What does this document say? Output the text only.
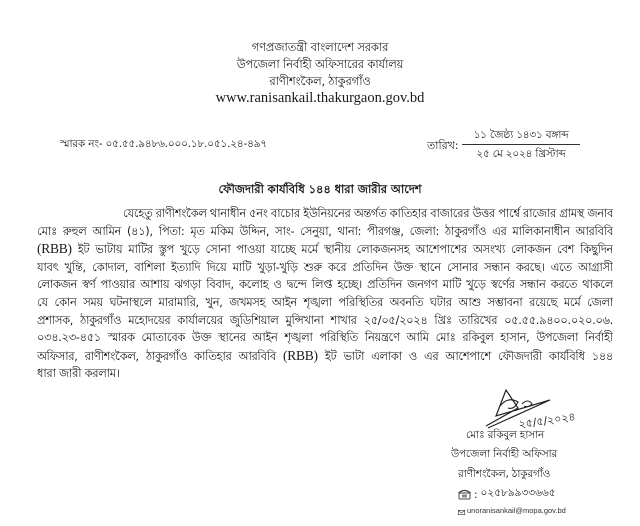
গণপ্রজাতন্ত্রী বাংলাদেশ সরকার
উপজেলা নির্বাহী অফিসারের কার্যালয়
রাণীশংকৈল, ঠাকুরগাঁও
www.ranisankail.thakurgaon.gov.bd
স্মারক নং- ০৫.৫৫.৯৪৮৬.০০০.১৮.০৫১.২৪-৪৯৭	তারিখ:
১১ জৈষ্ঠ্য ১৪৩১ বঙ্গাব্দ
২৫ মে ২০২৪ খ্রিস্টাব্দ
ফৌজদারী কার্যবিধি ১৪৪ ধারা জারীর আদেশ
যেহেতু রাণীশংকৈল থানাধীন ৫নং বাচোর ইউনিয়নের অন্তর্গত কাতিহার বাজারের উত্তর পার্শ্বে রাজোর গ্রামস্থ জনাব
মোঃ রুহুল আমিন (৪১), পিতা: মৃত মকিম উদ্দিন, সাং- সেনুয়া, থানা: পীরগঞ্জ, জেলা: ঠাকুরগাঁও এর মালিকানাধীন আরবিবি
(RBB) ইট ভাটায় মাটির স্তুপ খুড়ে সোনা পাওয়া যাচ্ছে মর্মে স্থানীয় লোকজনসহ আশেপাশের অসংখ্য লোকজন বেশ কিছুদিন
যাবৎ খুন্তি, কোদাল, বাশিলা ইত্যাদি দিয়ে মাটি খুড়া-খুড়ি শুরু করে প্রতিদিন উক্ত স্থানে সোনার সন্ধান করছে। এতে আগ্রাসী
লোকজন স্বর্ণ পাওয়ার আশায় ঝগড়া বিবাদ, কলোহ ও দ্বন্দে লিপ্ত হচ্ছে। প্রতিদিন জনগণ মাটি খুড়ে স্বর্ণের সন্ধান করতে থাকলে
যে কোন সময় ঘটনাস্থলে মারামারি, খুন, জখমসহ আইন শৃঙ্খলা পরিস্থিতির অবনতি ঘটার আশু সম্ভাবনা রয়েছে মর্মে জেলা
প্রশাসক, ঠাকুরগাঁও মহোদয়ের কার্যালয়ের জুডিশিয়াল মুন্সিখানা শাখার ২৫/০৫/২০২৪ খ্রিঃ তারিখের ০৫.৫৫.৯৪০০.০২০.০৬.
০৩৪.২৩-৪৫১ স্মারক মোতাবেক উক্ত স্থানের আইন শৃঙ্খলা পরিস্থিতি নিয়ন্ত্রণে আমি মোঃ রকিবুল হাসান, উপজেলা নির্বাহী
অফিসার, রাণীশংকৈল, ঠাকুরগাঁও কাতিহার আরবিবি (RBB) ইট ভাটা এলাকা ও এর আশেপাশে ফৌজদারী কার্যবিধি ১৪৪
ধারা জারী করলাম।
২৫/৫/২০২৪
মোঃ রকিবুল হাসান
উপজেলা নির্বাহী অফিসার
রাণীশংকৈল, ঠাকুরগাঁও
: ০২৫৮৯৯৩৩৬৬৫
unoranisankail@mopa.gov.bd
